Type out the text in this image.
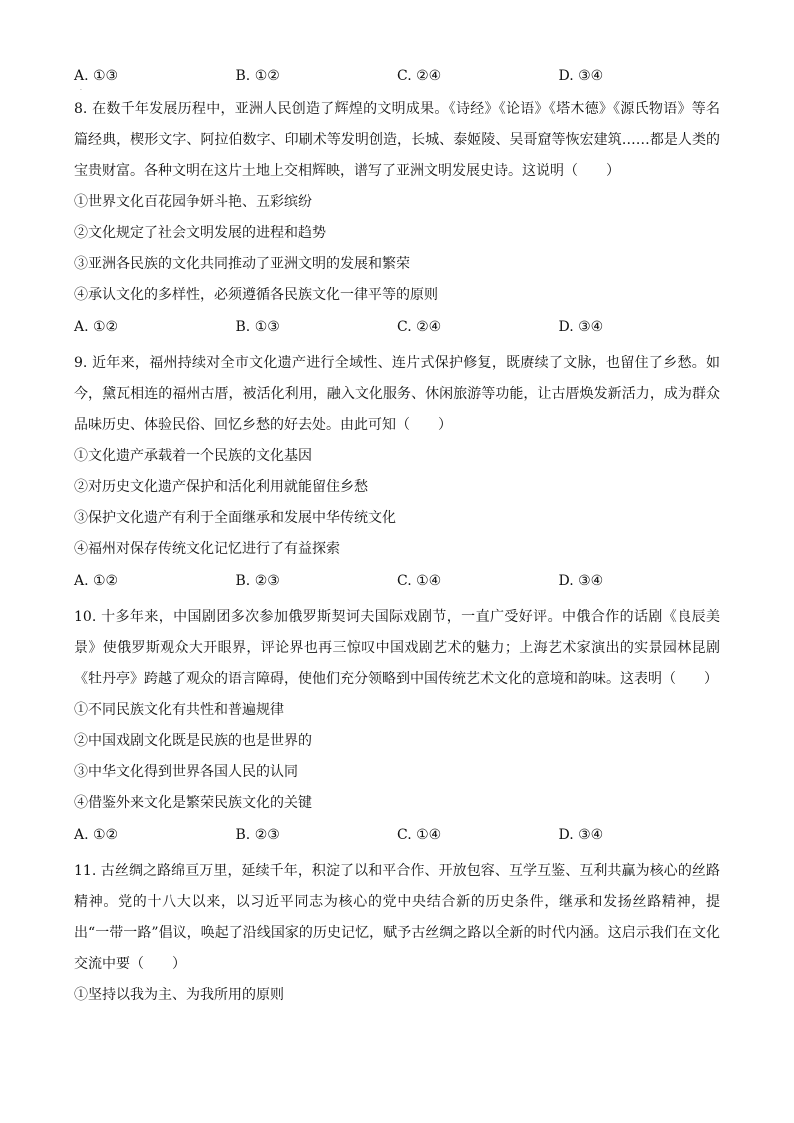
A. ①③	B. ①②	C. ②④	D. ③④
.

8. 在数千年发展历程中，亚洲人民创造了辉煌的文明成果。《诗经》《论语》《塔木德》《源氏物语》等名篇经典，楔形文字、阿拉伯数字、印刷术等发明创造，长城、泰姬陵、吴哥窟等恢宏建筑……都是人类的宝贵财富。各种文明在这片土地上交相辉映，谱写了亚洲文明发展史诗。这说明（　　）

①世界文化百花园争妍斗艳、五彩缤纷
②文化规定了社会文明发展的进程和趋势
③亚洲各民族的文化共同推动了亚洲文明的发展和繁荣
④承认文化的多样性，必须遵循各民族文化一律平等的原则
A. ①②	B. ①③	C. ②④	D. ③④

9. 近年来，福州持续对全市文化遗产进行全域性、连片式保护修复，既赓续了文脉，也留住了乡愁。如今，黛瓦相连的福州古厝，被活化利用，融入文化服务、休闲旅游等功能，让古厝焕发新活力，成为群众品味历史、体验民俗、回忆乡愁的好去处。由此可知（　　）

①文化遗产承载着一个民族的文化基因
②对历史文化遗产保护和活化利用就能留住乡愁
③保护文化遗产有利于全面继承和发展中华传统文化
④福州对保存传统文化记忆进行了有益探索
A. ①②	B. ②③	C. ①④	D. ③④

10. 十多年来，中国剧团多次参加俄罗斯契诃夫国际戏剧节，一直广受好评。中俄合作的话剧《良辰美景》使俄罗斯观众大开眼界，评论界也再三惊叹中国戏剧艺术的魅力；上海艺术家演出的实景园林昆剧《牡丹亭》跨越了观众的语言障碍，使他们充分领略到中国传统艺术文化的意境和韵味。这表明（　　）

①不同民族文化有共性和普遍规律
②中国戏剧文化既是民族的也是世界的
③中华文化得到世界各国人民的认同
④借鉴外来文化是繁荣民族文化的关键
A. ①②	B. ②③	C. ①④	D. ③④

11. 古丝绸之路绵亘万里，延续千年，积淀了以和平合作、开放包容、互学互鉴、互利共赢为核心的丝路精神。党的十八大以来，以习近平同志为核心的党中央结合新的历史条件，继承和发扬丝路精神，提出“一带一路”倡议，唤起了沿线国家的历史记忆，赋予古丝绸之路以全新的时代内涵。这启示我们在文化交流中要（　　）

①坚持以我为主、为我所用的原则
